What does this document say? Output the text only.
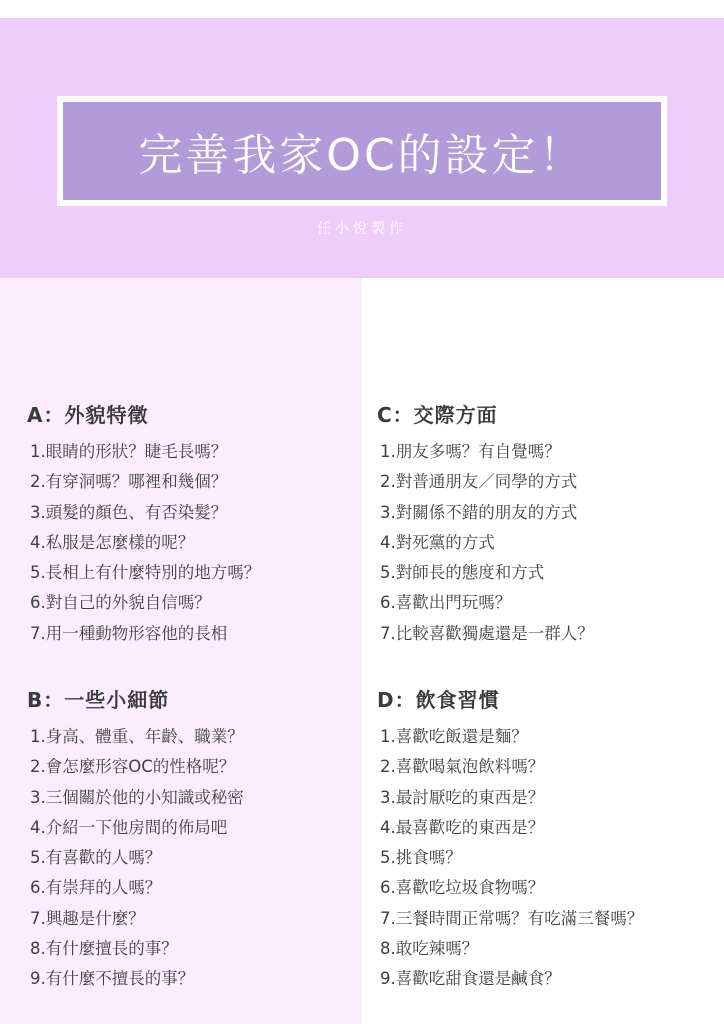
完善我家OC的設定！
任小悅製作
A：外貌特徵
1.眼睛的形狀？睫毛長嗎？
2.有穿洞嗎？哪裡和幾個？
3.頭髮的顏色、有否染髮？
4.私服是怎麼樣的呢？
5.長相上有什麼特別的地方嗎？
6.對自己的外貌自信嗎？
7.用一種動物形容他的長相
B：一些小細節
1.身高、體重、年齡、職業？
2.會怎麼形容OC的性格呢？
3.三個關於他的小知識或秘密
4.介紹一下他房間的佈局吧
5.有喜歡的人嗎？
6.有崇拜的人嗎？
7.興趣是什麼？
8.有什麼擅長的事？
9.有什麼不擅長的事？
C：交際方面
1.朋友多嗎？有自覺嗎？
2.對普通朋友／同學的方式
3.對關係不錯的朋友的方式
4.對死黨的方式
5.對師長的態度和方式
6.喜歡出門玩嗎？
7.比較喜歡獨處還是一群人？
D：飲食習慣
1.喜歡吃飯還是麵？
2.喜歡喝氣泡飲料嗎？
3.最討厭吃的東西是？
4.最喜歡吃的東西是？
5.挑食嗎？
6.喜歡吃垃圾食物嗎？
7.三餐時間正常嗎？有吃滿三餐嗎？
8.敢吃辣嗎？
9.喜歡吃甜食還是鹹食？
